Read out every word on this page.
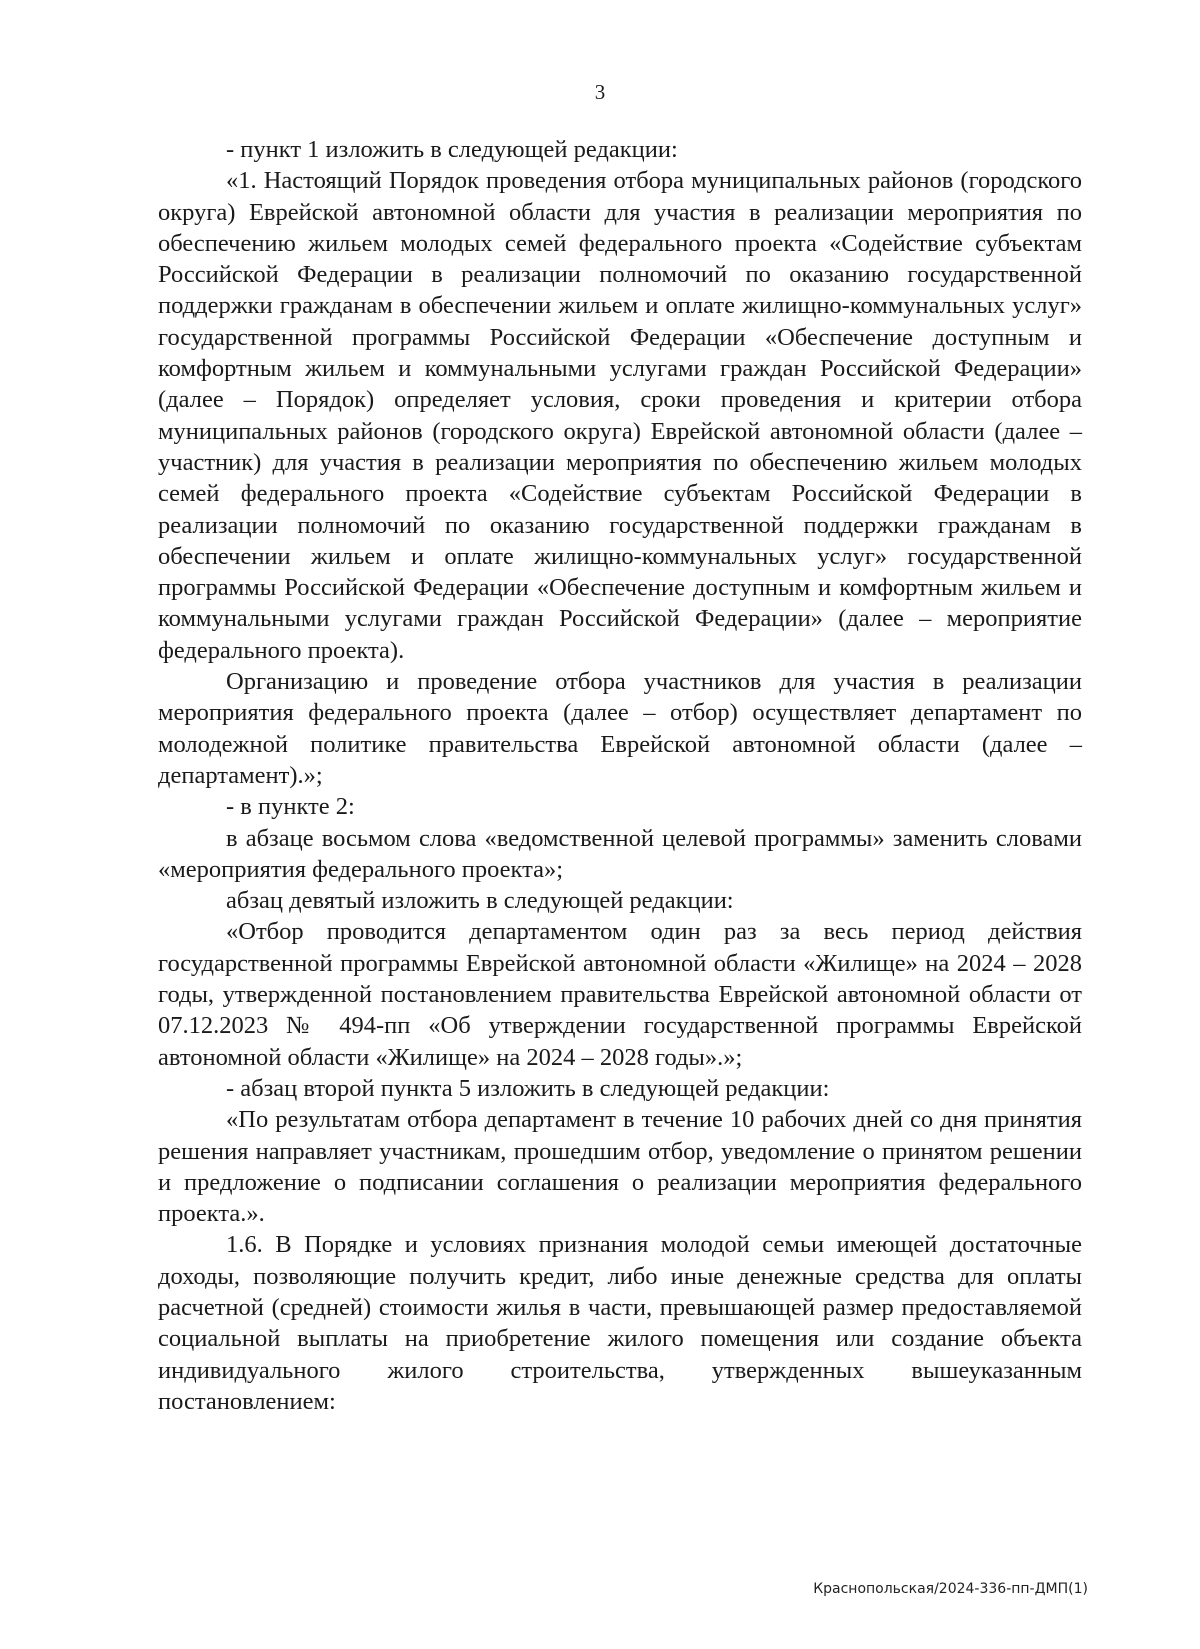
3

- пункт 1 изложить в следующей редакции:

«1. Настоящий Порядок проведения отбора муниципальных районов (городского округа) Еврейской автономной области для участия в реализации мероприятия по обеспечению жильем молодых семей федерального проекта «Содействие субъектам Российской Федерации в реализации полномочий по оказанию государственной поддержки гражданам в обеспечении жильем и оплате жилищно-коммунальных услуг» государственной программы Российской Федерации «Обеспечение доступным и комфортным жильем и коммунальными услугами граждан Российской Федерации» (далее – Порядок) определяет условия, сроки проведения и критерии отбора муниципальных районов (городского округа) Еврейской автономной области (далее – участник) для участия в реализации мероприятия по обеспечению жильем молодых семей федерального проекта «Содействие субъектам Российской Федерации в реализации полномочий по оказанию государственной поддержки гражданам в обеспечении жильем и оплате жилищно-коммунальных услуг» государственной программы Российской Федерации «Обеспечение доступным и комфортным жильем и коммунальными услугами граждан Российской Федерации» (далее – мероприятие федерального проекта).

Организацию и проведение отбора участников для участия в реализации мероприятия федерального проекта (далее – отбор) осуществляет департамент по молодежной политике правительства Еврейской автономной области (далее – департамент).»;

- в пункте 2:

в абзаце восьмом слова «ведомственной целевой программы» заменить словами «мероприятия федерального проекта»;

абзац девятый изложить в следующей редакции:

«Отбор проводится департаментом один раз за весь период действия государственной программы Еврейской автономной области «Жилище» на 2024 – 2028 годы, утвержденной постановлением правительства Еврейской автономной области от 07.12.2023 № 494-пп «Об утверждении государственной программы Еврейской автономной области «Жилище» на 2024 – 2028 годы».»;

- абзац второй пункта 5 изложить в следующей редакции:

«По результатам отбора департамент в течение 10 рабочих дней со дня принятия решения направляет участникам, прошедшим отбор, уведомление о принятом решении и предложение о подписании соглашения о реализации мероприятия федерального проекта.».

1.6. В Порядке и условиях признания молодой семьи имеющей достаточные доходы, позволяющие получить кредит, либо иные денежные средства для оплаты расчетной (средней) стоимости жилья в части, превышающей размер предоставляемой социальной выплаты на приобретение жилого помещения или создание объекта индивидуального жилого строительства, утвержденных вышеуказанным постановлением:

Краснопольская/2024-336-пп-ДМП(1)
